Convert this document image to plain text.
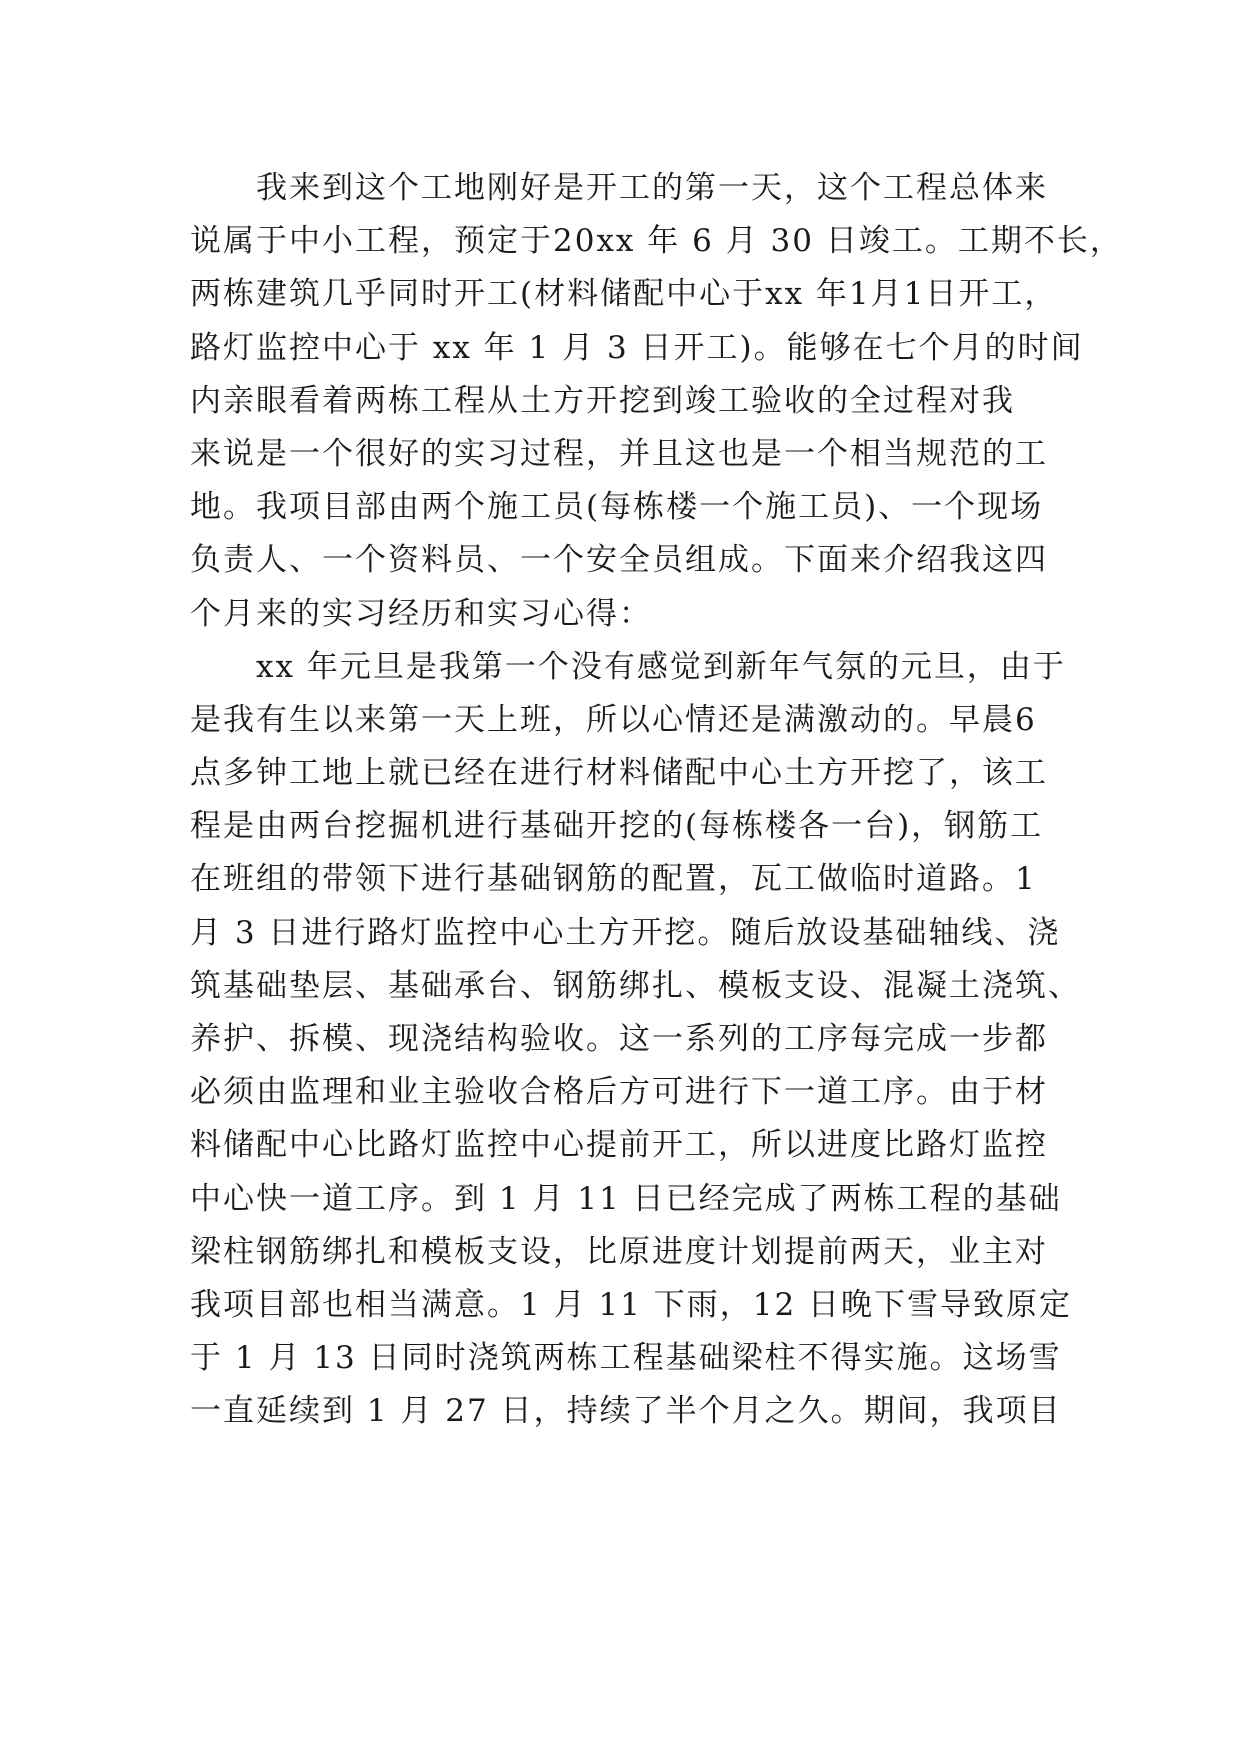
我来到这个工地刚好是开工的第一天，这个工程总体来
说属于中小工程，预定于20xx 年 6 月 30 日竣工。工期不长，
两栋建筑几乎同时开工(材料储配中心于xx 年1月1日开工，
路灯监控中心于 xx 年 1 月 3 日开工)。能够在七个月的时间
内亲眼看着两栋工程从土方开挖到竣工验收的全过程对我
来说是一个很好的实习过程，并且这也是一个相当规范的工
地。我项目部由两个施工员(每栋楼一个施工员)、一个现场
负责人、一个资料员、一个安全员组成。下面来介绍我这四
个月来的实习经历和实习心得：
xx 年元旦是我第一个没有感觉到新年气氛的元旦，由于
是我有生以来第一天上班，所以心情还是满激动的。早晨6
点多钟工地上就已经在进行材料储配中心土方开挖了，该工
程是由两台挖掘机进行基础开挖的(每栋楼各一台)，钢筋工
在班组的带领下进行基础钢筋的配置，瓦工做临时道路。1
月 3 日进行路灯监控中心土方开挖。随后放设基础轴线、浇
筑基础垫层、基础承台、钢筋绑扎、模板支设、混凝土浇筑、
养护、拆模、现浇结构验收。这一系列的工序每完成一步都
必须由监理和业主验收合格后方可进行下一道工序。由于材
料储配中心比路灯监控中心提前开工，所以进度比路灯监控
中心快一道工序。到 1 月 11 日已经完成了两栋工程的基础
梁柱钢筋绑扎和模板支设，比原进度计划提前两天，业主对
我项目部也相当满意。1 月 11 下雨，12 日晚下雪导致原定
于 1 月 13 日同时浇筑两栋工程基础梁柱不得实施。这场雪
一直延续到 1 月 27 日，持续了半个月之久。期间，我项目
